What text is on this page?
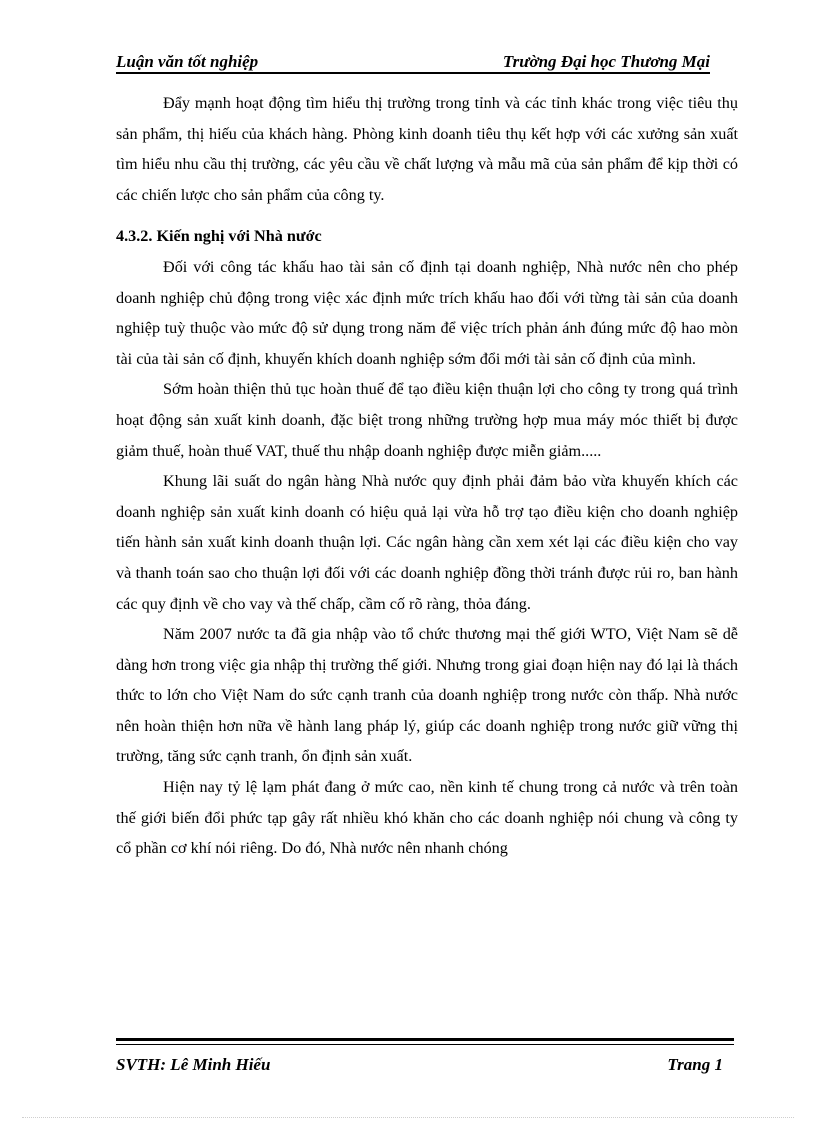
Luận văn tốt nghiệp	Trường Đại học Thương Mại

Đẩy mạnh hoạt động tìm hiểu thị trường trong tỉnh và các tỉnh khác trong việc tiêu thụ sản phẩm, thị hiếu của khách hàng. Phòng kinh doanh tiêu thụ kết hợp với các xưởng sản xuất tìm hiểu nhu cầu thị trường, các yêu cầu về chất lượng và mẫu mã của sản phẩm để kịp thời có các chiến lược cho sản phẩm của công ty.

4.3.2. Kiến nghị với Nhà nước

Đối với công tác khấu hao tài sản cố định tại doanh nghiệp, Nhà nước nên cho phép doanh nghiệp chủ động trong việc xác định mức trích khấu hao đối với từng tài sản của doanh nghiệp tuỳ thuộc vào mức độ sử dụng trong năm để việc trích phản ánh đúng mức độ hao mòn tài của tài sản cố định, khuyến khích doanh nghiệp sớm đổi mới tài sản cố định của mình.

Sớm hoàn thiện thủ tục hoàn thuế để tạo điều kiện thuận lợi cho công ty trong quá trình hoạt động sản xuất kinh doanh, đặc biệt trong những trường hợp mua máy móc thiết bị được giảm thuế, hoàn thuế VAT, thuế thu nhập doanh nghiệp được miễn giảm.....

Khung lãi suất do ngân hàng Nhà nước quy định phải đảm bảo vừa khuyến khích các doanh nghiệp sản xuất kinh doanh có hiệu quả lại vừa hỗ trợ tạo điều kiện cho doanh nghiệp tiến hành sản xuất kinh doanh thuận lợi. Các ngân hàng cần xem xét lại các điều kiện cho vay và thanh toán sao cho thuận lợi đối với các doanh nghiệp đồng thời tránh được rủi ro, ban hành các quy định về cho vay và thế chấp, cầm cố rõ ràng, thỏa đáng.

Năm 2007 nước ta đã gia nhập vào tổ chức thương mại thế giới WTO, Việt Nam sẽ dễ dàng hơn trong việc gia nhập thị trường thế giới. Nhưng trong giai đoạn hiện nay đó lại là thách thức to lớn cho Việt Nam do sức cạnh tranh của doanh nghiệp trong nước còn thấp. Nhà nước nên hoàn thiện hơn nữa về hành lang pháp lý, giúp các doanh nghiệp trong nước giữ vững thị trường, tăng sức cạnh tranh, ổn định sản xuất.

Hiện nay tỷ lệ lạm phát đang ở mức cao, nền kinh tế chung trong cả nước và trên toàn thế giới biến đổi phức tạp gây rất nhiều khó khăn cho các doanh nghiệp nói chung và công ty cổ phần cơ khí nói riêng. Do đó, Nhà nước nên nhanh chóng

SVTH: Lê Minh Hiếu	Trang 1
